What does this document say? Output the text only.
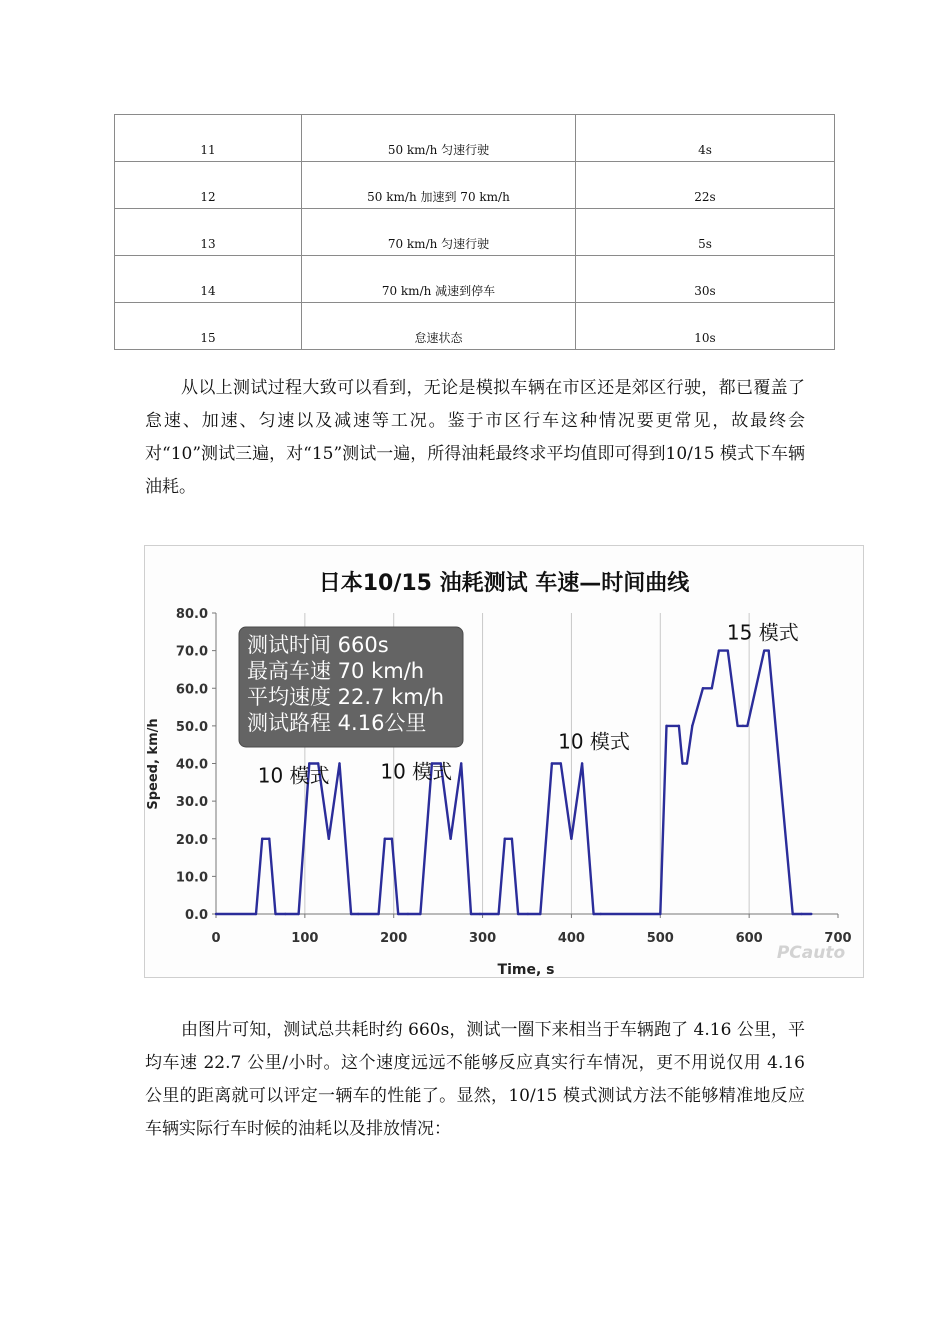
11	50 km/h 匀速行驶	4s
12	50 km/h 加速到 70 km/h	22s
13	70 km/h 匀速行驶	5s
14	70 km/h 减速到停车	30s
15	怠速状态	10s

从以上测试过程大致可以看到，无论是模拟车辆在市区还是郊区行驶，都已覆盖了怠速、加速、匀速以及减速等工况。鉴于市区行车这种情况要更常见，故最终会对“10”测试三遍，对“15”测试一遍，所得油耗最终求平均值即可得到10/15 模式下车辆油耗。

日本10/15 油耗测试 车速—时间曲线
0.0
10.0
20.0
30.0
40.0
50.0
60.0
70.0
80.0
0	100	200	300	400	500	600	700
测试时间 660s
最高车速 70 km/h
平均速度 22.7 km/h
测试路程 4.16公里
10 模式	10 模式
10 模式
15 模式
Time, s
Speed, km/h
PCauto

由图片可知，测试总共耗时约 660s，测试一圈下来相当于车辆跑了 4.16 公里，平均车速 22.7 公里/小时。这个速度远远不能够反应真实行车情况，更不用说仅用 4.16 公里的距离就可以评定一辆车的性能了。显然，10/15 模式测试方法不能够精准地反应车辆实际行车时候的油耗以及排放情况：
